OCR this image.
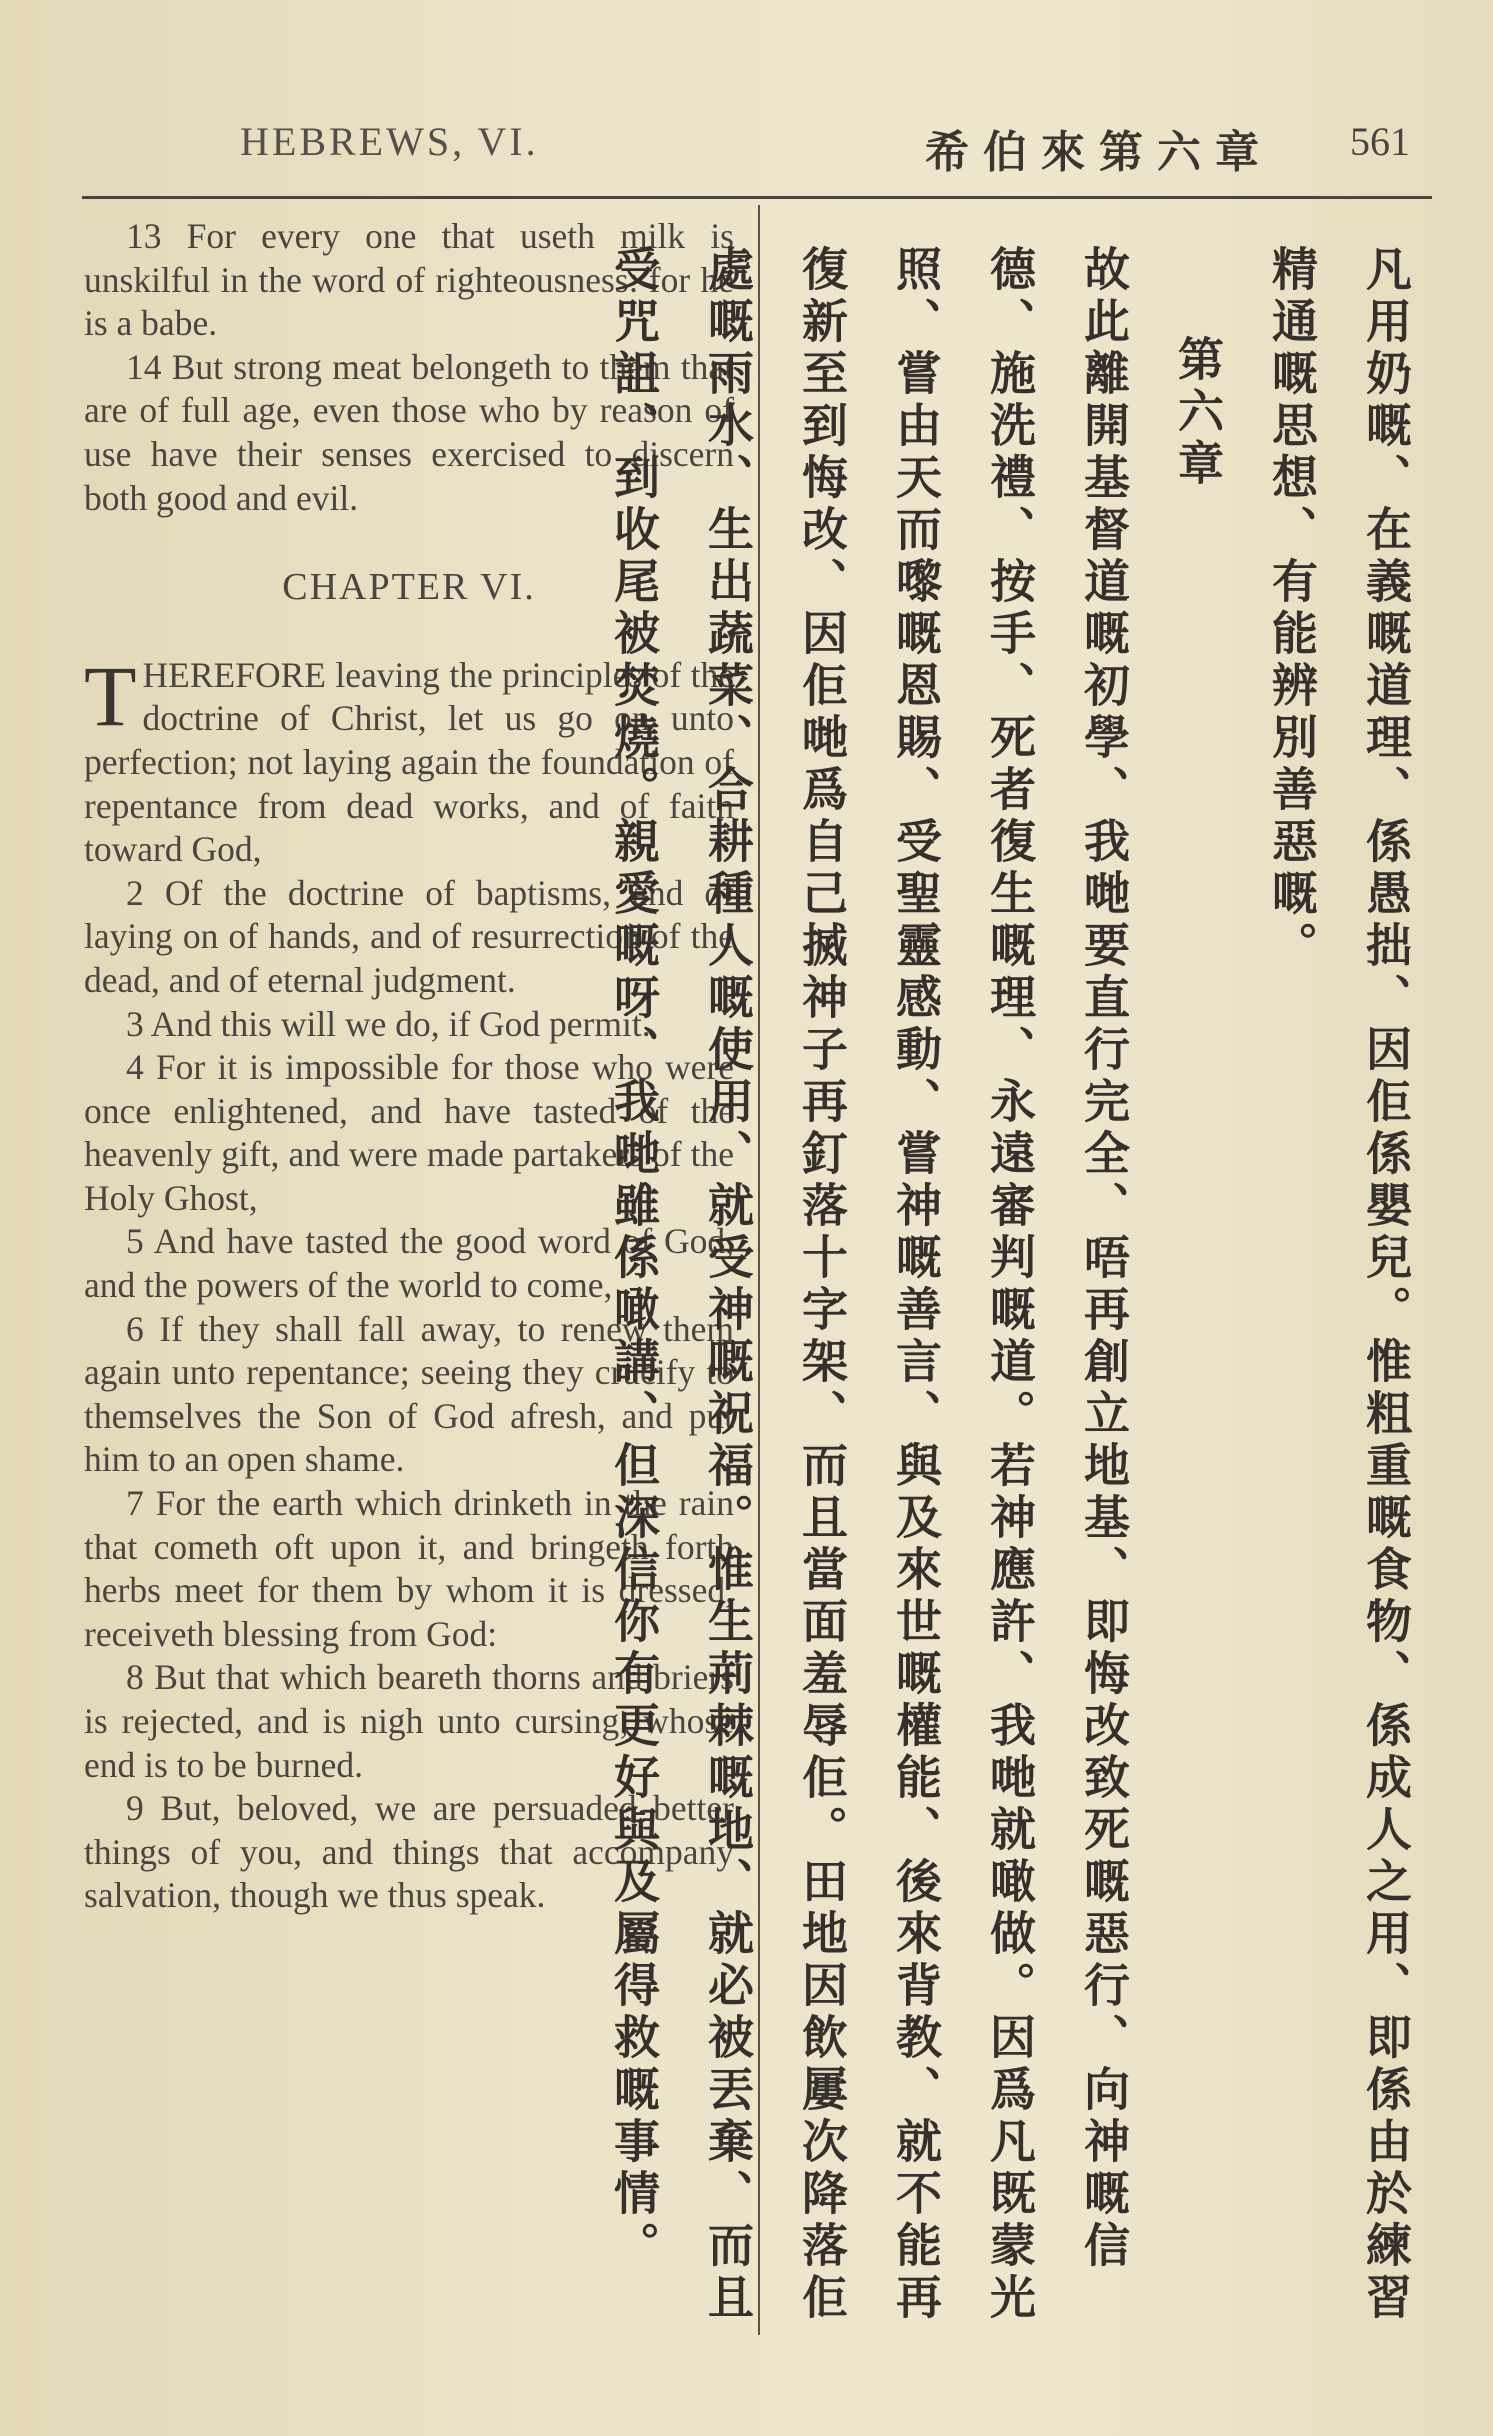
HEBREWS, VI.	希伯來第六章 561

13 For every one that useth milk is unskilful in the word of righteousness: for he is a babe.

14 But strong meat belongeth to them that are of full age, even those who by reason of use have their senses exercised to discern both good and evil.

CHAPTER VI.

THEREFORE leaving the principles of the doctrine of Christ, let us go on unto perfection; not laying again the foundation of repentance from dead works, and of faith toward God,

2 Of the doctrine of baptisms, and of laying on of hands, and of resurrection of the dead, and of eternal judgment.

3 And this will we do, if God permit.

4 For it is impossible for those who were once enlightened, and have tasted of the heavenly gift, and were made partakers of the Holy Ghost,

5 And have tasted the good word of God, and the powers of the world to come,

6 If they shall fall away, to renew them again unto repentance; seeing they crucify to themselves the Son of God afresh, and put him to an open shame.

7 For the earth which drinketh in the rain that cometh oft upon it, and bringeth forth herbs meet for them by whom it is dressed, receiveth blessing from God:

8 But that which beareth thorns and briers is rejected, and is nigh unto cursing; whose end is to be burned.

9 But, beloved, we are persuaded better things of you, and things that accompany salvation, though we thus speak.	凡用奶嘅、在義嘅道理、係愚拙、因佢係嬰兒。惟粗重嘅食物、係成人之用、即係由於練習精通嘅思想、有能辨別善惡嘅。
第六章
故此離開基督道嘅初學、我哋要直行完全、唔再創立地基、即悔改致死嘅惡行、向神嘅信德、施洗禮、按手、死者復生嘅理、永遠審判嘅道。若神應許、我哋就噉做。因爲凡既蒙光照、嘗由天而嚟嘅恩賜、受聖靈感動、嘗神嘅善言、與及來世嘅權能、後來背教、就不能再復新至到悔改、因佢哋爲自己搣神子再釘落十字架、而且當面羞辱佢。田地因飲屢次降落佢處嘅雨水、生出蔬菜、合耕種人嘅使用、就受神嘅祝福。惟生荊棘嘅地、就必被丟棄、而且受咒詛、到收尾被焚燒。親愛嘅呀、我哋雖係噉講、但深信你有更好與及屬得救嘅事情。
